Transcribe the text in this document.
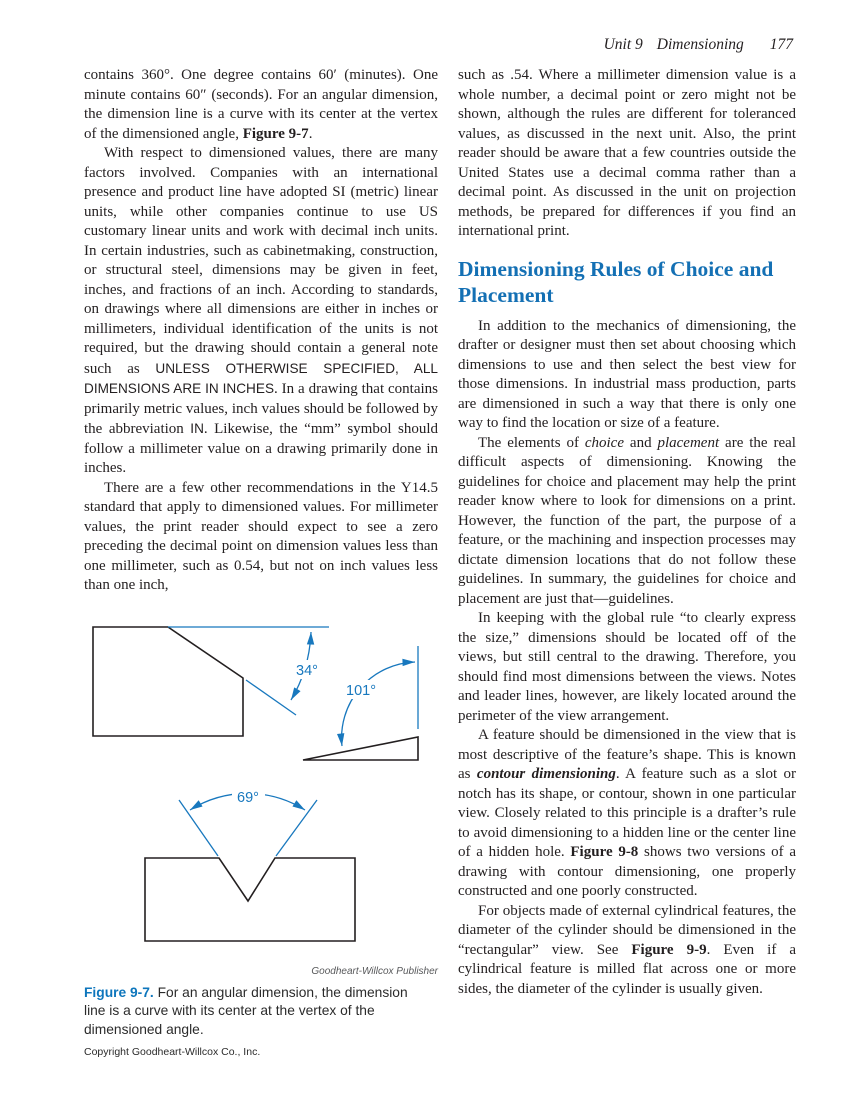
Unit 9 Dimensioning 177

contains 360°. One degree contains 60′ (minutes). One minute contains 60″ (seconds). For an angular dimension, the dimension line is a curve with its center at the vertex of the dimensioned angle, Figure 9-7.

With respect to dimensioned values, there are many factors involved. Companies with an international presence and product line have adopted SI (metric) linear units, while other companies continue to use US customary linear units and work with decimal inch units. In certain industries, such as cabinetmaking, construction, or structural steel, dimensions may be given in feet, inches, and fractions of an inch. According to standards, on drawings where all dimensions are either in inches or millimeters, individual identification of the units is not required, but the drawing should contain a general note such as UNLESS OTHERWISE SPECIFIED, ALL DIMENSIONS ARE IN INCHES. In a drawing that contains primarily metric values, inch values should be followed by the abbreviation IN. Likewise, the “mm” symbol should follow a millimeter value on a drawing primarily done in inches.

There are a few other recommendations in the Y14.5 standard that apply to dimensioned values. For millimeter values, the print reader should expect to see a zero preceding the decimal point on dimension values less than one millimeter, such as 0.54, but not on inch values less than one inch,

34°
101°
69°
Goodheart-Willcox Publisher
Figure 9-7. For an angular dimension, the dimension line is a curve with its center at the vertex of the dimensioned angle.

such as .54. Where a millimeter dimension value is a whole number, a decimal point or zero might not be shown, although the rules are different for toleranced values, as discussed in the next unit. Also, the print reader should be aware that a few countries outside the United States use a decimal comma rather than a decimal point. As discussed in the unit on projection methods, be prepared for differences if you find an international print.

Dimensioning Rules of Choice and Placement

In addition to the mechanics of dimensioning, the drafter or designer must then set about choosing which dimensions to use and then select the best view for those dimensions. In industrial mass production, parts are dimensioned in such a way that there is only one way to find the location or size of a feature.

The elements of choice and placement are the real difficult aspects of dimensioning. Knowing the guidelines for choice and placement may help the print reader know where to look for dimensions on a print. However, the function of the part, the purpose of a feature, or the machining and inspection processes may dictate dimension locations that do not follow these guidelines. In summary, the guidelines for choice and placement are just that—guidelines.

In keeping with the global rule “to clearly express the size,” dimensions should be located off of the views, but still central to the drawing. Therefore, you should find most dimensions between the views. Notes and leader lines, however, are likely located around the perimeter of the view arrangement.

A feature should be dimensioned in the view that is most descriptive of the feature’s shape. This is known as contour dimensioning. A feature such as a slot or notch has its shape, or contour, shown in one particular view. Closely related to this principle is a drafter’s rule to avoid dimensioning to a hidden line or the center line of a hidden hole. Figure 9-8 shows two versions of a drawing with contour dimensioning, one properly constructed and one poorly constructed.

For objects made of external cylindrical features, the diameter of the cylinder should be dimensioned in the “rectangular” view. See Figure 9-9. Even if a cylindrical feature is milled flat across one or more sides, the diameter of the cylinder is usually given.

Copyright Goodheart-Willcox Co., Inc.
